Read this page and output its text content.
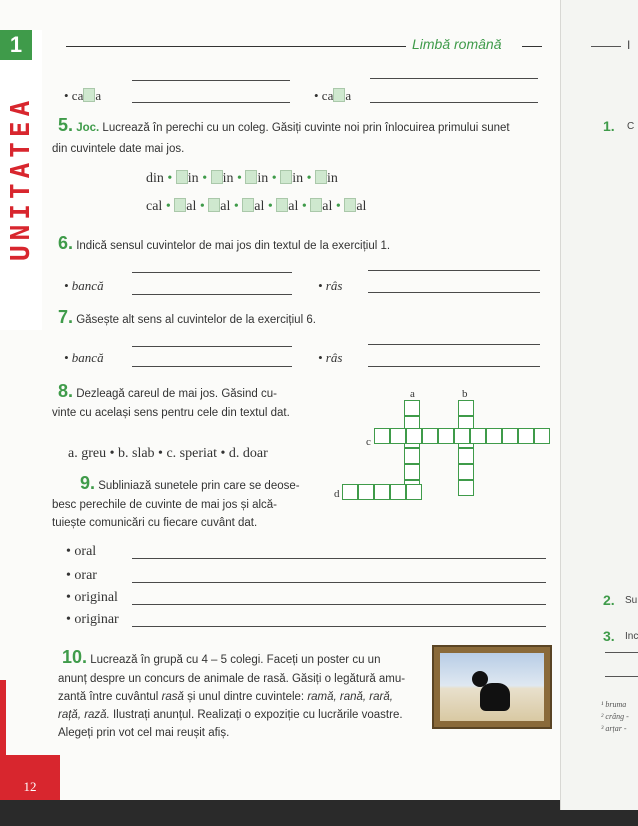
1
UNITATEA
Limbă română
• ca a	• ca a
5. Joc. Lucrează în perechi cu un coleg. Găsiți cuvinte noi prin înlocuirea primului sunet
din cuvintele date mai jos.
din • in • in • in • in • in
cal • al • al • al • al • al • al
6. Indică sensul cuvintelor de mai jos din textul de la exercițiul 1.
• bancă	• râs
7. Găsește alt sens al cuvintelor de la exercițiul 6.
• bancă	• râs
8. Dezleagă careul de mai jos. Găsind cu-
vinte cu același sens pentru cele din textul dat.
a. greu • b. slab • c. speriat • d. doar
a	b
c
d
9. Subliniază sunetele prin care se deose-
besc perechile de cuvinte de mai jos și alcă-
tuiește comunicări cu fiecare cuvânt dat.
• oral
• orar
• original
• originar
10. Lucrează în grupă cu 4 – 5 colegi. Faceți un poster cu un
anunț despre un concurs de animale de rasă. Găsiți o legătură amu-
zantă între cuvântul rasă și unul dintre cuvintele: ramă, rană, rară,
rață, razǎ. Ilustrați anunțul. Realizați o expoziție cu lucrările voastre.
Alegeți prin vot cel mai reușit afiș.
12
I
1. C
2. Su
3. Inc
¹ bruma
² crâng -
³ arțar -
